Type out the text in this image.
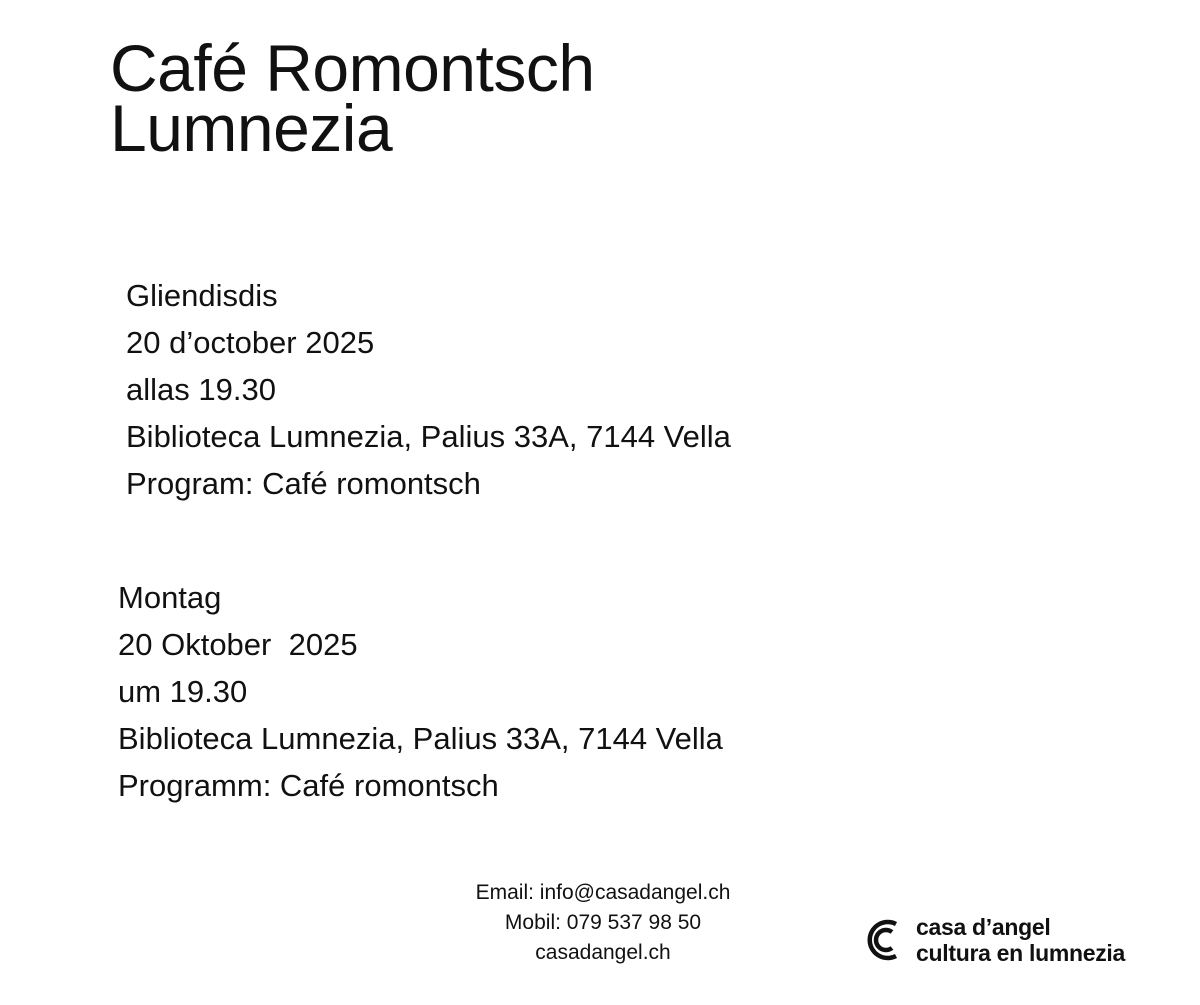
Café Romontsch
Lumnezia
Gliendisdis
20 d’october 2025
allas 19.30
Biblioteca Lumnezia, Palius 33A, 7144 Vella
Program: Café romontsch
Montag
20 Oktober  2025
um 19.30
Biblioteca Lumnezia, Palius 33A, 7144 Vella
Programm: Café romontsch
Email: info@casadangel.ch
Mobil: 079 537 98 50
casadangel.ch
casa d’angel
cultura en lumnezia
